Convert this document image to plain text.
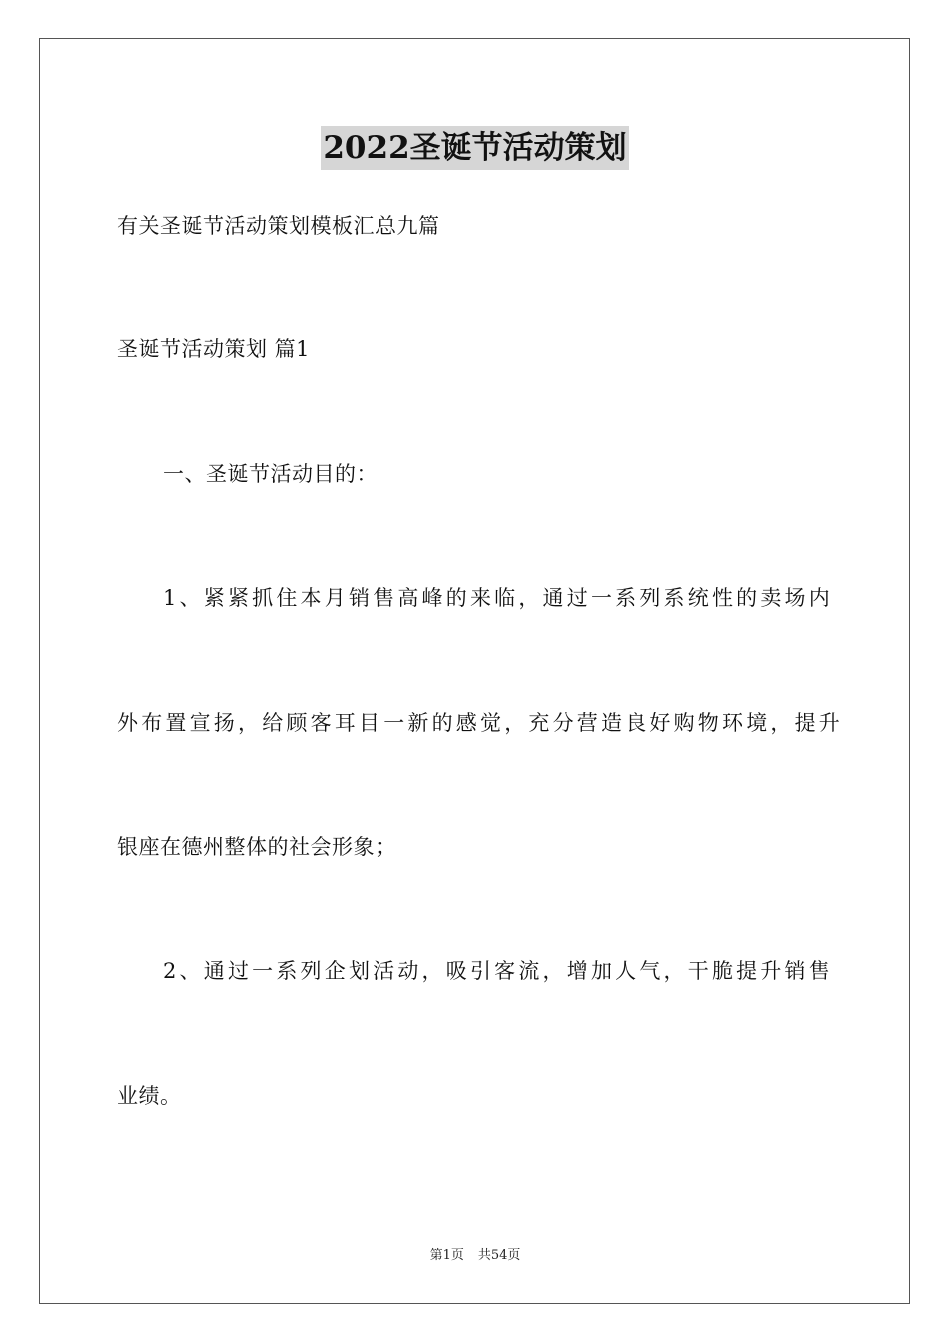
2022圣诞节活动策划
有关圣诞节活动策划模板汇总九篇
圣诞节活动策划 篇1
一、圣诞节活动目的：
1、紧紧抓住本月销售高峰的来临，通过一系列系统性的卖场内
外布置宣扬，给顾客耳目一新的感觉，充分营造良好购物环境，提升
银座在德州整体的社会形象；
2、通过一系列企划活动，吸引客流，增加人气，干脆提升销售
业绩。
第1页 共54页
